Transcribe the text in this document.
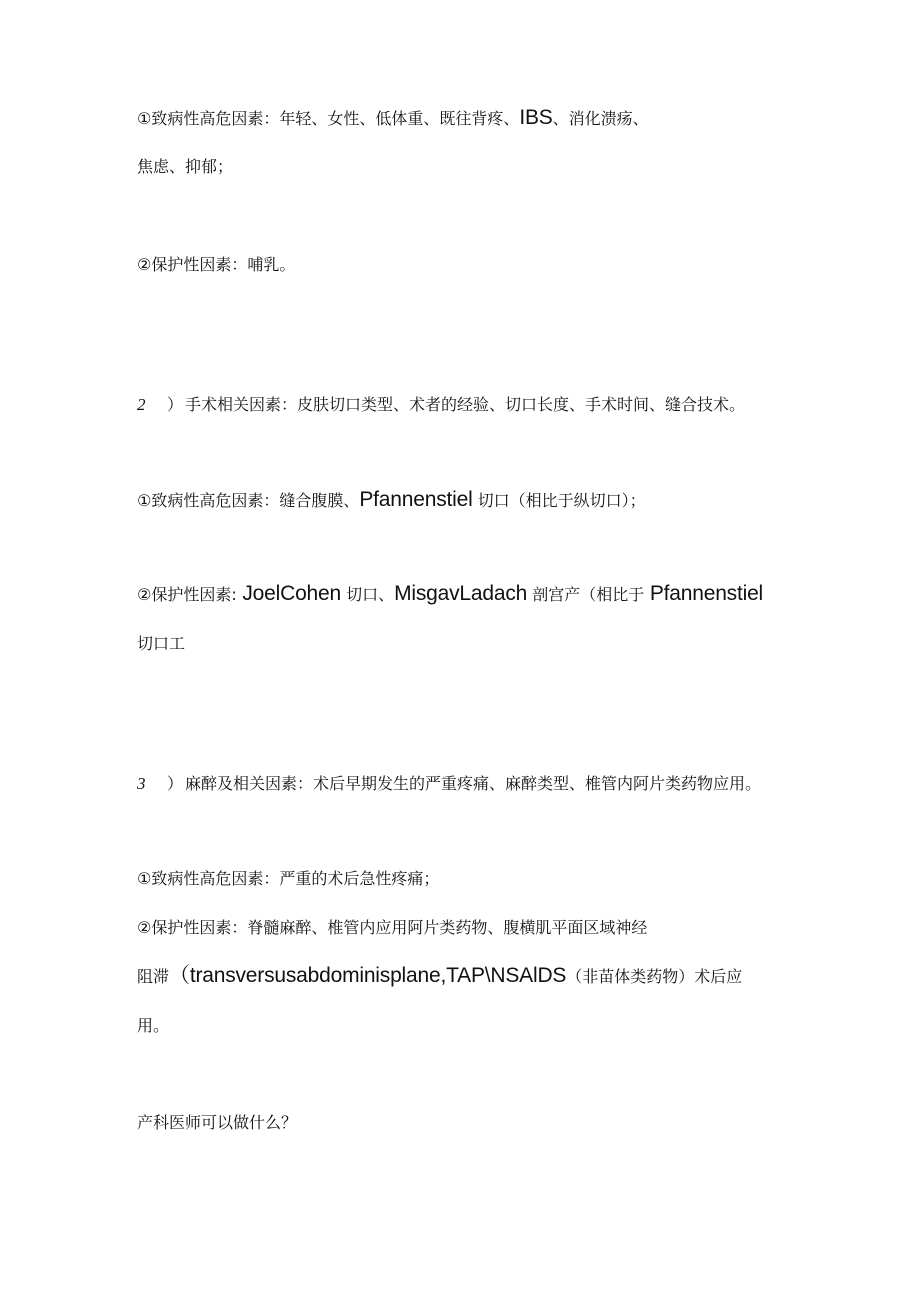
①致病性高危因素：年轻、女性、低体重、既往背疼、IBS、消化溃疡、

焦虑、抑郁；

②保护性因素：哺乳。

2 ） 手术相关因素：皮肤切口类型、术者的经验、切口长度、手术时间、缝合技术。

①致病性高危因素：缝合腹膜、Pfannenstiel 切口（相比于纵切口）；

②保护性因素: JoelCohen 切口、MisgavLadach 剖宫产（相比于 Pfannenstiel

切口工

3 ） 麻醉及相关因素：术后早期发生的严重疼痛、麻醉类型、椎管内阿片类药物应用。

①致病性高危因素：严重的术后急性疼痛；

②保护性因素：脊髓麻醉、椎管内应用阿片类药物、腹横肌平面区域神经

阻滞（transversusabdominisplane,TAP\NSAlDS（非苗体类药物）术后应

用。

产科医师可以做什么？
